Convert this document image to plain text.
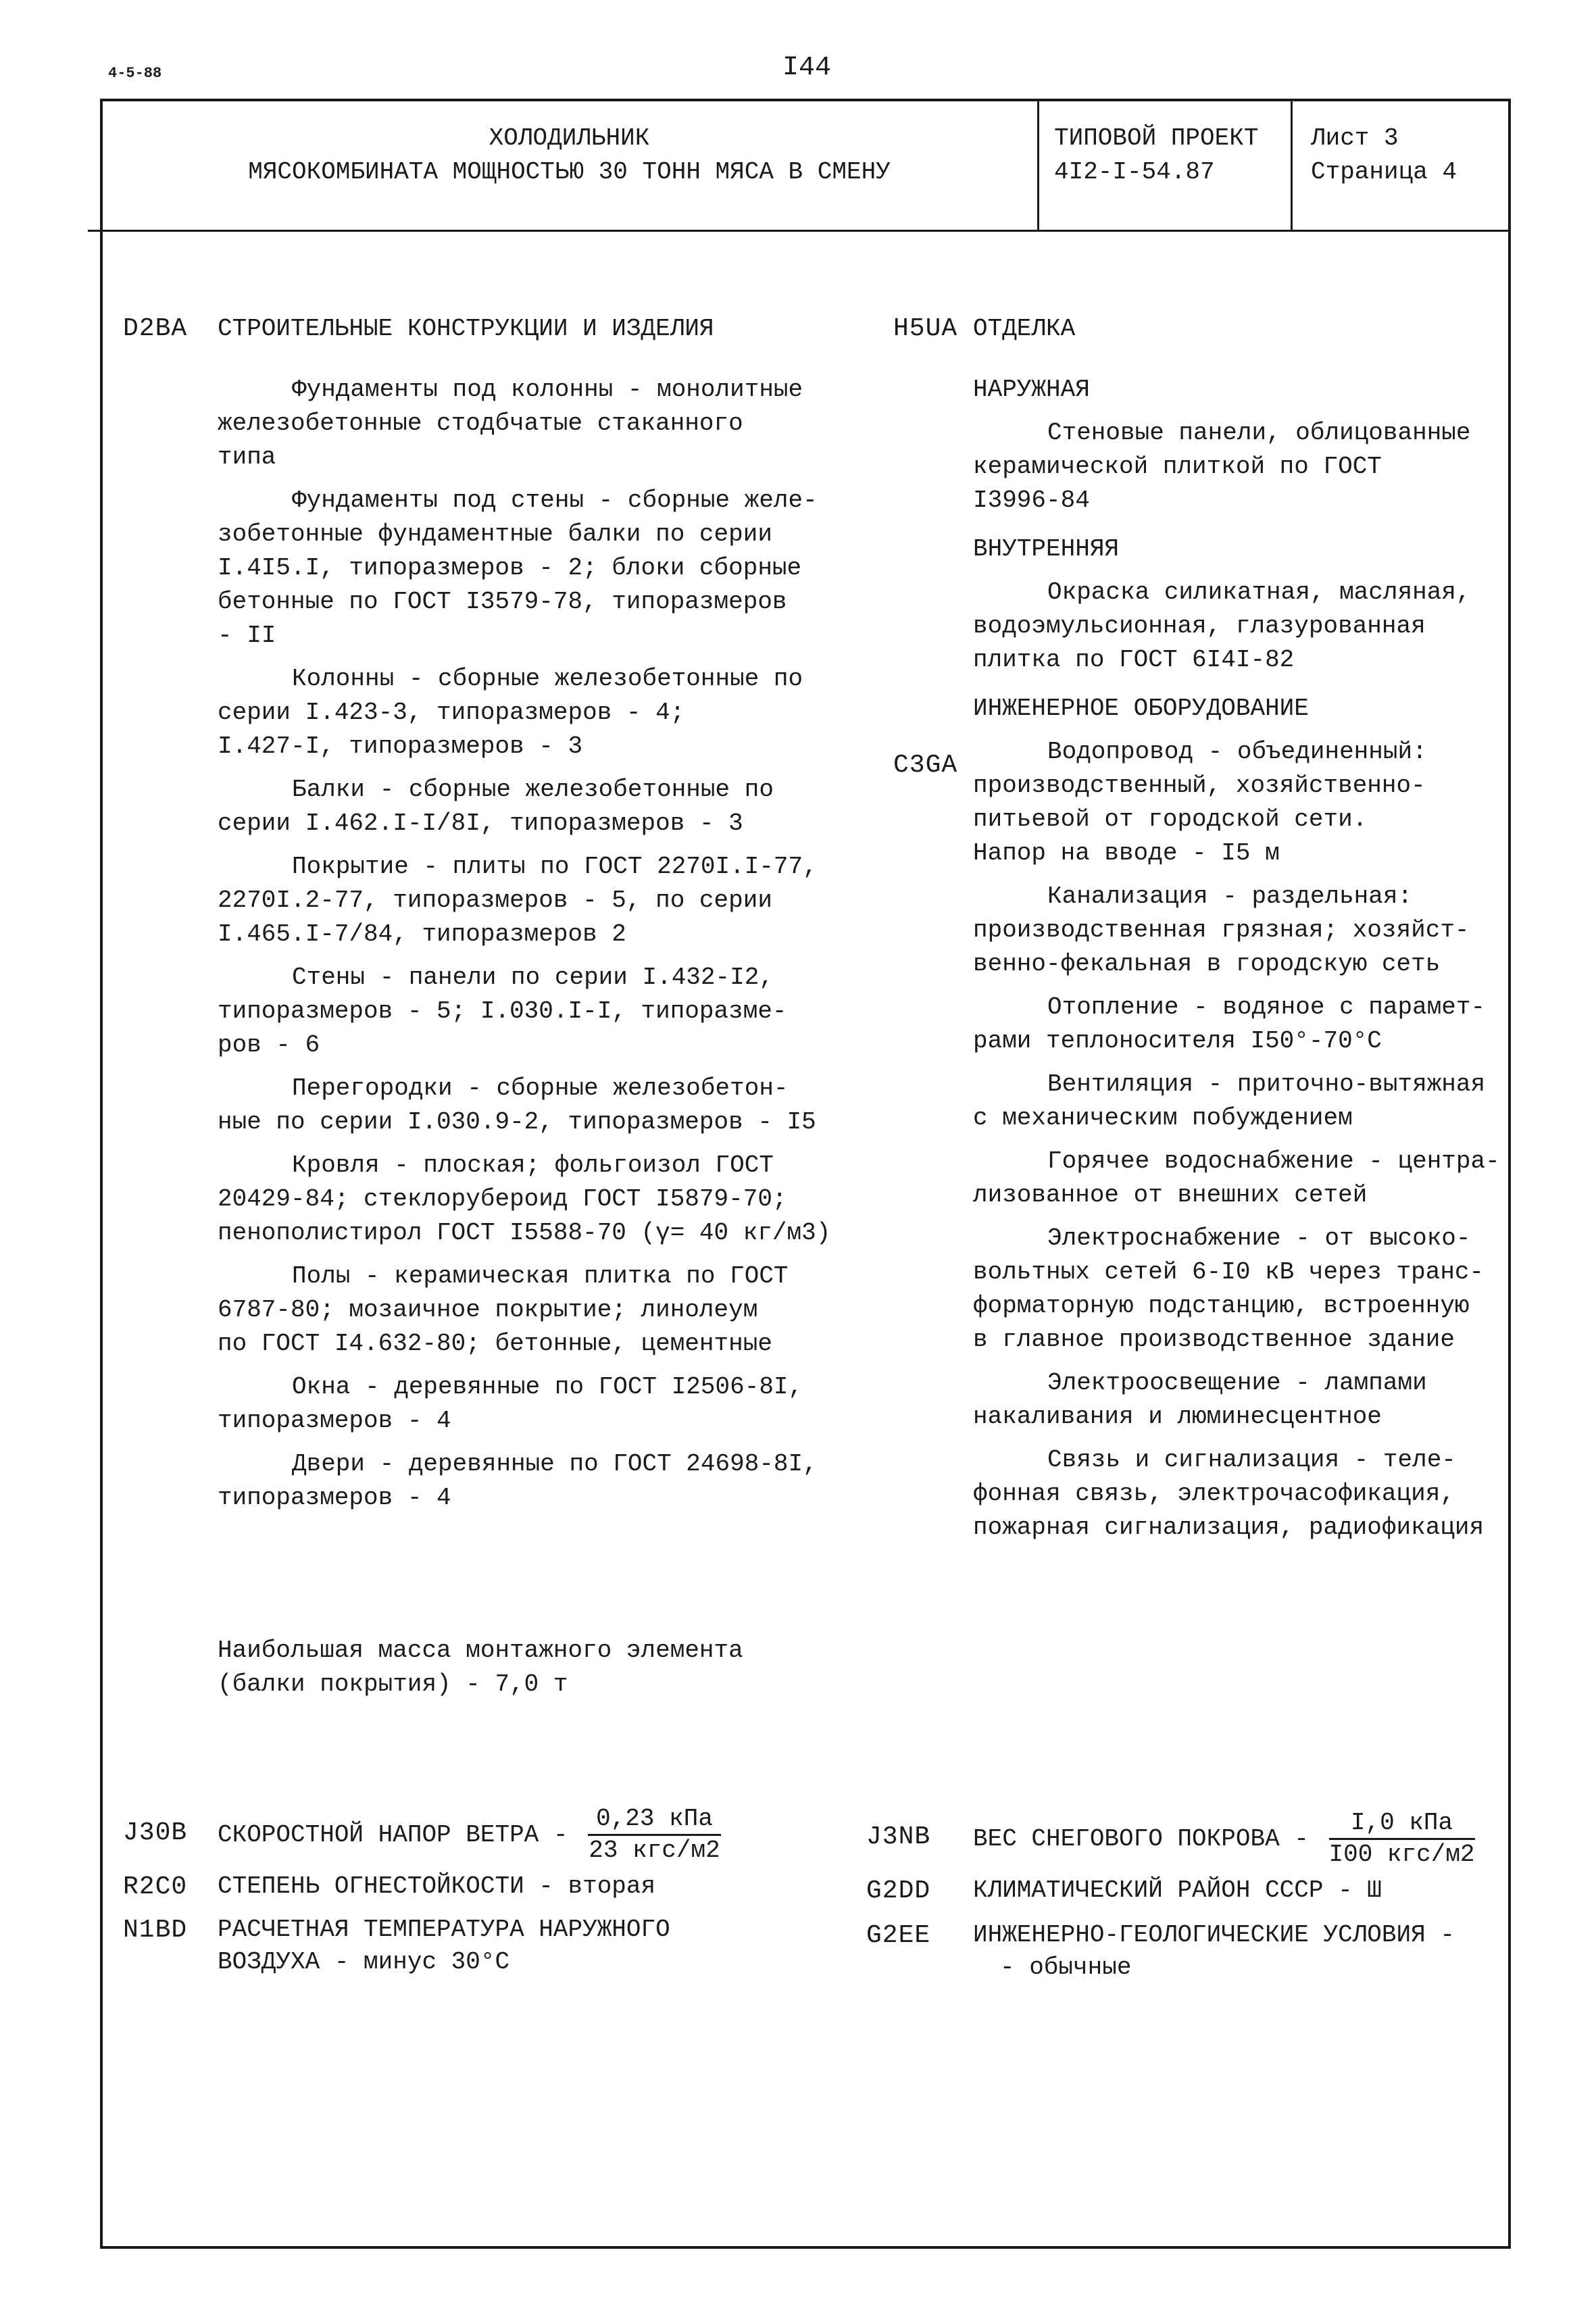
4-5-88	I44
ХОЛОДИЛЬНИК
МЯСОКОМБИНАТА МОЩНОСТЬЮ 30 ТОНН МЯСА В СМЕНУ
ТИПОВОЙ ПРОЕКТ
4I2-I-54.87
Лист 3
Страница 4
D2BA СТРОИТЕЛЬНЫЕ КОНСТРУКЦИИ И ИЗДЕЛИЯ
Фундаменты под колонны - монолитные
железобетонные стодбчатые стаканного
типа
Фундаменты под стены - сборные желе-
зобетонные фундаментные балки по серии
I.4I5.I, типоразмеров - 2; блоки сборные
бетонные по ГОСТ I3579-78, типоразмеров
- II
Колонны - сборные железобетонные по
серии I.423-3, типоразмеров - 4;
I.427-I, типоразмеров - 3
Балки - сборные железобетонные по
серии I.462.I-I/8I, типоразмеров - 3
Покрытие - плиты по ГОСТ 2270I.I-77,
2270I.2-77, типоразмеров - 5, по серии
I.465.I-7/84, типоразмеров 2
Стены - панели по серии I.432-I2,
типоразмеров - 5; I.030.I-I, типоразме-
ров - 6
Перегородки - сборные железобетон-
ные по серии I.030.9-2, типоразмеров - I5
Кровля - плоская; фольгоизол ГОСТ
20429-84; стеклорубероид ГОСТ I5879-70;
пенополистирол ГОСТ I5588-70 (γ= 40 кг/м3)
Полы - керамическая плитка по ГОСТ
6787-80; мозаичное покрытие; линолеум
по ГОСТ I4.632-80; бетонные, цементные
Окна - деревянные по ГОСТ I2506-8I,
типоразмеров - 4
Двери - деревянные по ГОСТ 24698-8I,
типоразмеров - 4
Наибольшая масса монтажного элемента
(балки покрытия) - 7,0 т
H5UA ОТДЕЛКА
НАРУЖНАЯ
Стеновые панели, облицованные
керамической плиткой по ГОСТ
I3996-84
ВНУТРЕННЯЯ
Окраска силикатная, масляная,
водоэмульсионная, глазурованная
плитка по ГОСТ 6I4I-82
ИНЖЕНЕРНОЕ ОБОРУДОВАНИЕ
Водопровод - объединенный:
производственный, хозяйственно-
питьевой от городской сети.
Напор на вводе - I5 м
Канализация - раздельная:
производственная грязная; хозяйст-
венно-фекальная в городскую сеть
Отопление - водяное с парамет-
рами теплоносителя I50°-70°С
Вентиляция - приточно-вытяжная
с механическим побуждением
Горячее водоснабжение - центра-
лизованное от внешних сетей
Электроснабжение - от высоко-
вольтных сетей 6-I0 кВ через транс-
форматорную подстанцию, встроенную
в главное производственное здание
Электроосвещение - лампами
накаливания и люминесцентное
Связь и сигнализация - теле-
фонная связь, электрочасофикация,
пожарная сигнализация, радиофикация
C3GA
J30B СКОРОСТНОЙ НАПОР ВЕТРА - $\frac{\text{0,23 кПа}}{\text{23 кгс/м2}}$
R2C0 СТЕПЕНЬ ОГНЕСТОЙКОСТИ - вторая
N1BD РАСЧЕТНАЯ ТЕМПЕРАТУРА НАРУЖНОГО
ВОЗДУХА - минус 30°С
J3NB ВЕС СНЕГОВОГО ПОКРОВА - $\frac{\text{I,0 кПа}}{\text{I00 кгс/м2}}$
G2DD КЛИМАТИЧЕСКИЙ РАЙОН СССР - Ш
G2EE ИНЖЕНЕРНО-ГЕОЛОГИЧЕСКИЕ УСЛОВИЯ -
- обычные
